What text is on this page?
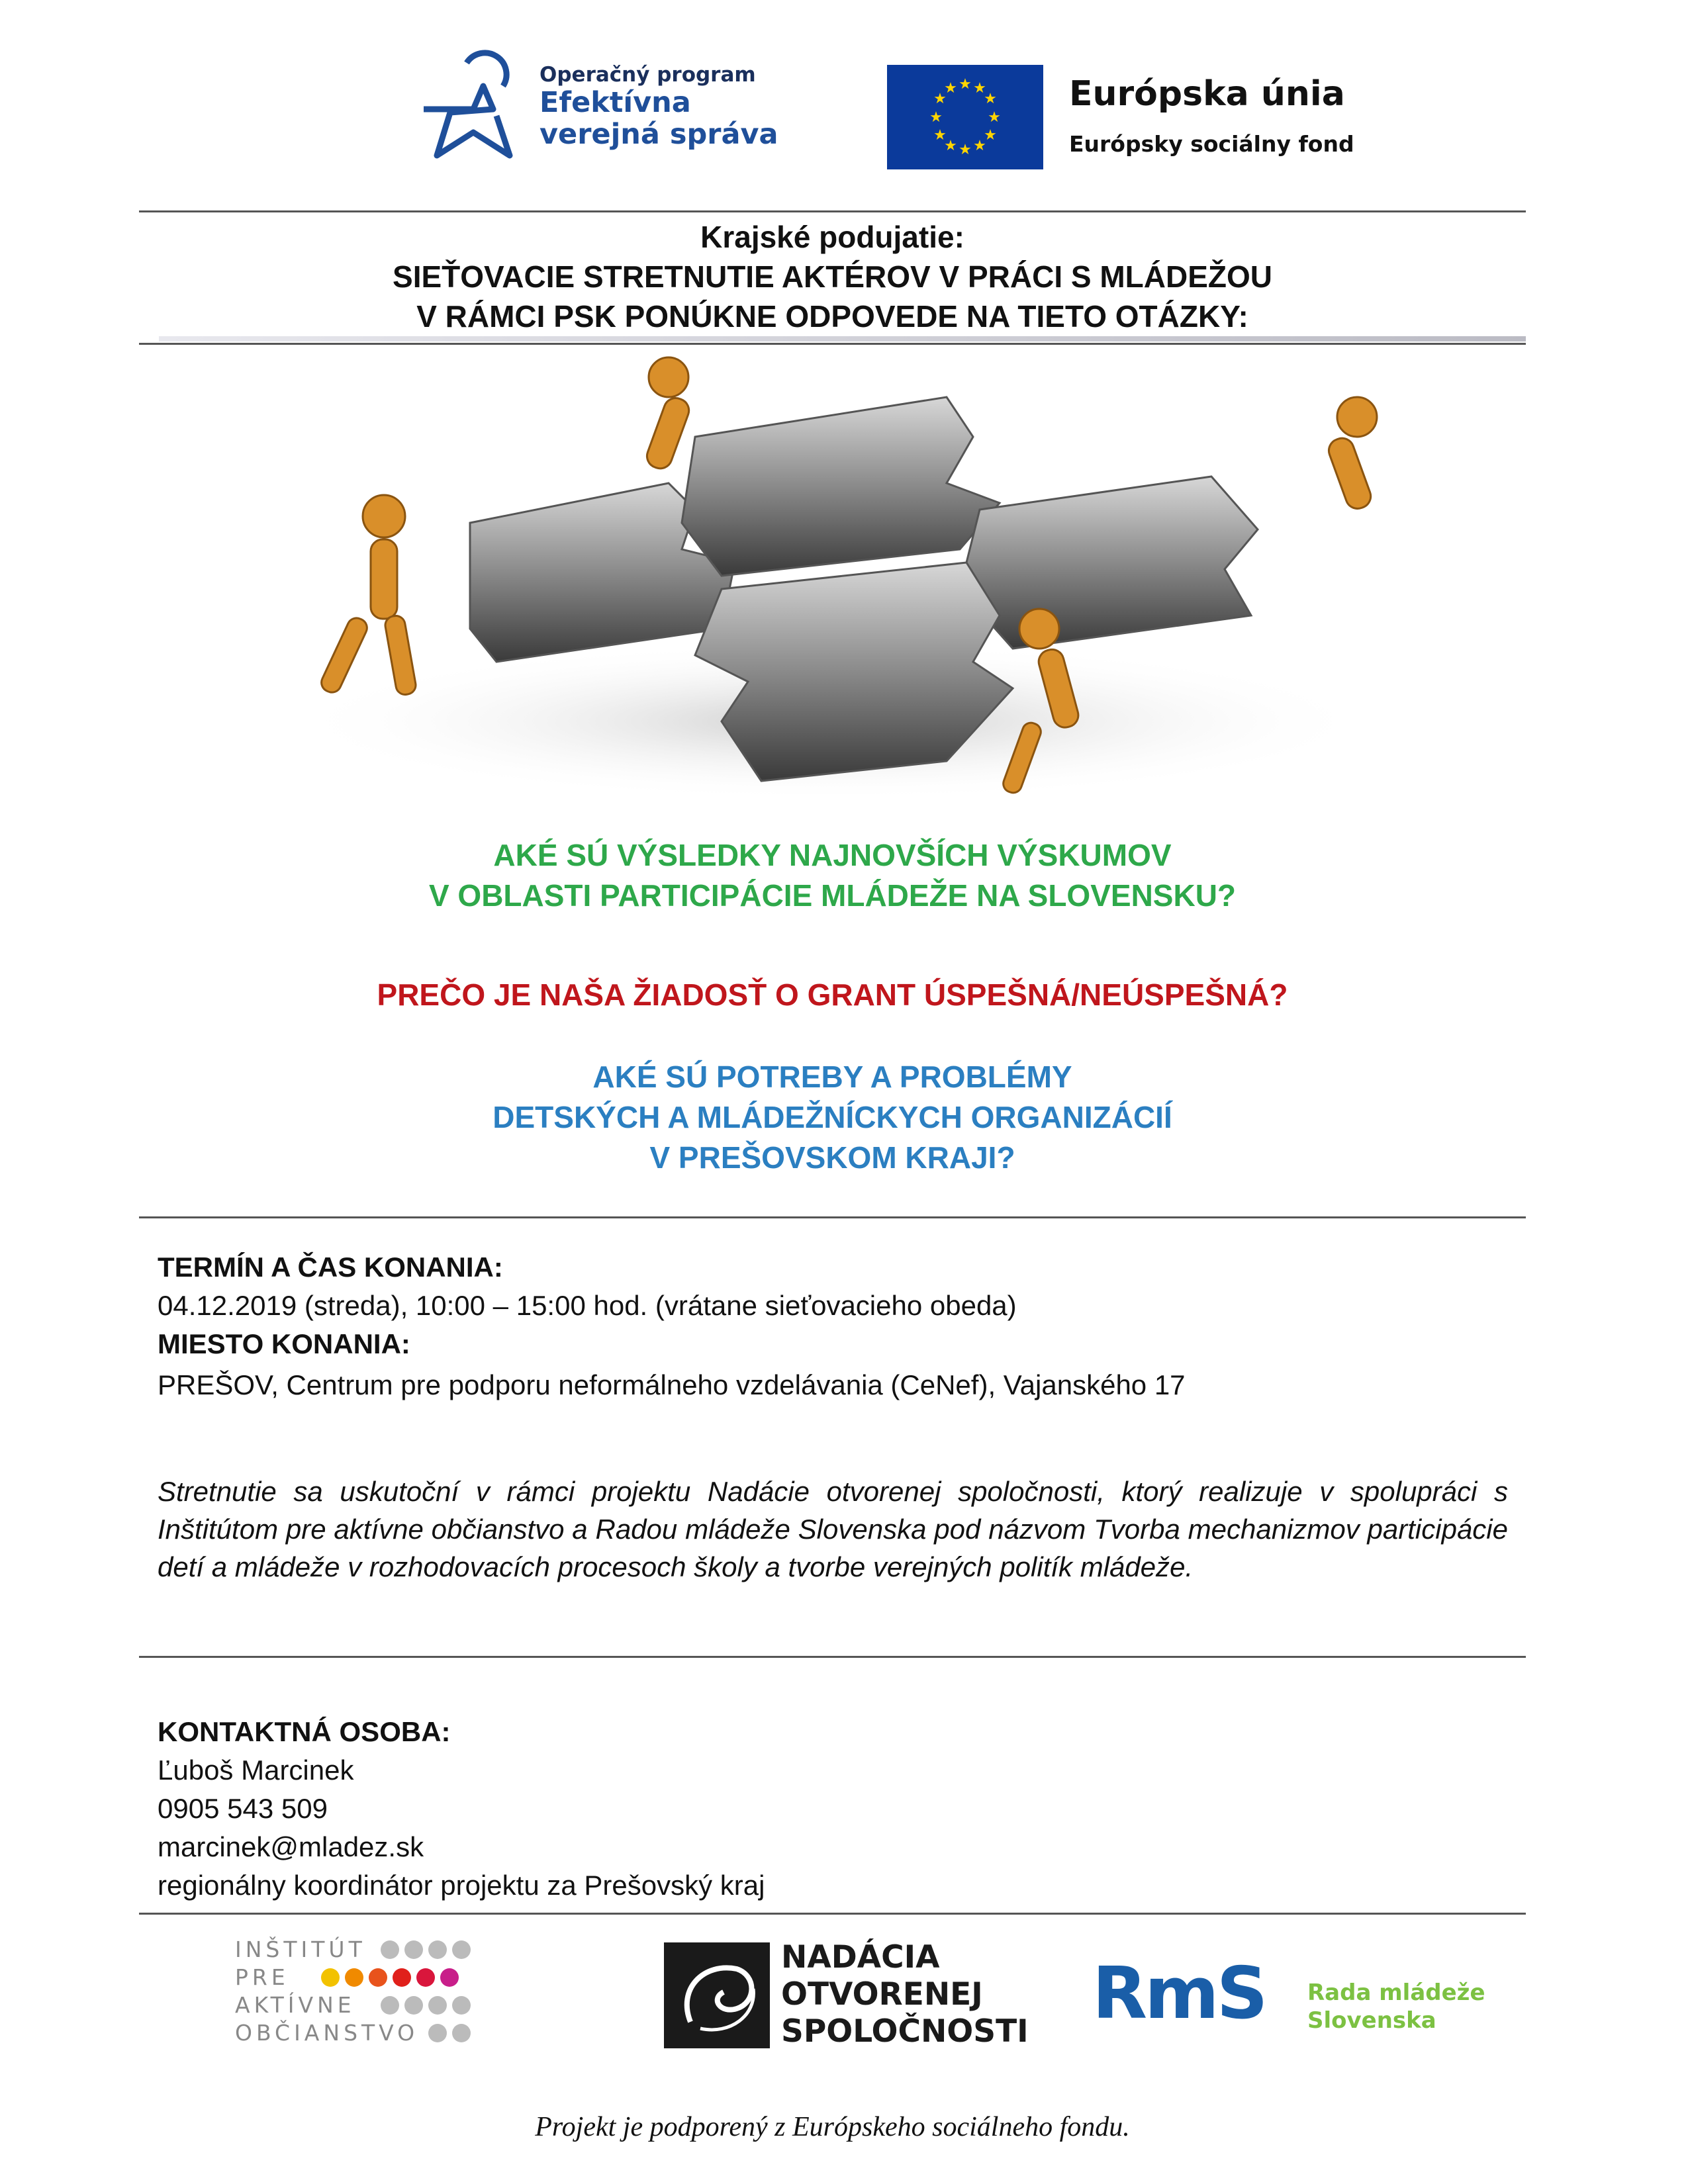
Operačný program
Efektívna
verejná správa
★ ★
★
★
★
★
★
★
★
★
★
★	Európska únia
Európsky sociálny fond
Krajské podujatie:
SIEŤOVACIE STRETNUTIE AKTÉROV V PRÁCI S MLÁDEŽOU
V RÁMCI PSK PONÚKNE ODPOVEDE NA TIETO OTÁZKY:
AKÉ SÚ VÝSLEDKY NAJNOVŠÍCH VÝSKUMOV
V OBLASTI PARTICIPÁCIE MLÁDEŽE NA SLOVENSKU?
PREČO JE NAŠA ŽIADOSŤ O GRANT ÚSPEŠNÁ/NEÚSPEŠNÁ?
AKÉ SÚ POTREBY A PROBLÉMY
DETSKÝCH A MLÁDEŽNÍCKYCH ORGANIZÁCIÍ
V PREŠOVSKOM KRAJI?
TERMÍN A ČAS KONANIA:
04.12.2019 (streda), 10:00 – 15:00 hod. (vrátane sieťovacieho obeda)
MIESTO KONANIA:
PREŠOV, Centrum pre podporu neformálneho vzdelávania (CeNef), Vajanského 17
Stretnutie sa uskutoční v rámci projektu Nadácie otvorenej spoločnosti, ktorý realizuje v spolupráci s Inštitútom pre aktívne občianstvo a Radou mládeže Slovenska pod názvom Tvorba mechanizmov participácie detí a mládeže v rozhodovacích procesoch školy a tvorbe verejných politík mládeže.
KONTAKTNÁ OSOBA:
Ľuboš Marcinek
0905 543 509
marcinek@mladez.sk
regionálny koordinátor projektu za Prešovský kraj
INŠTITÚT
PRE
AKTÍVNE
OBČIANSTVO
NADÁCIA
OTVORENEJ
SPOLOČNOSTI RmS Rada mládeže
Slovenska
Projekt je podporený z Európskeho sociálneho fondu.
